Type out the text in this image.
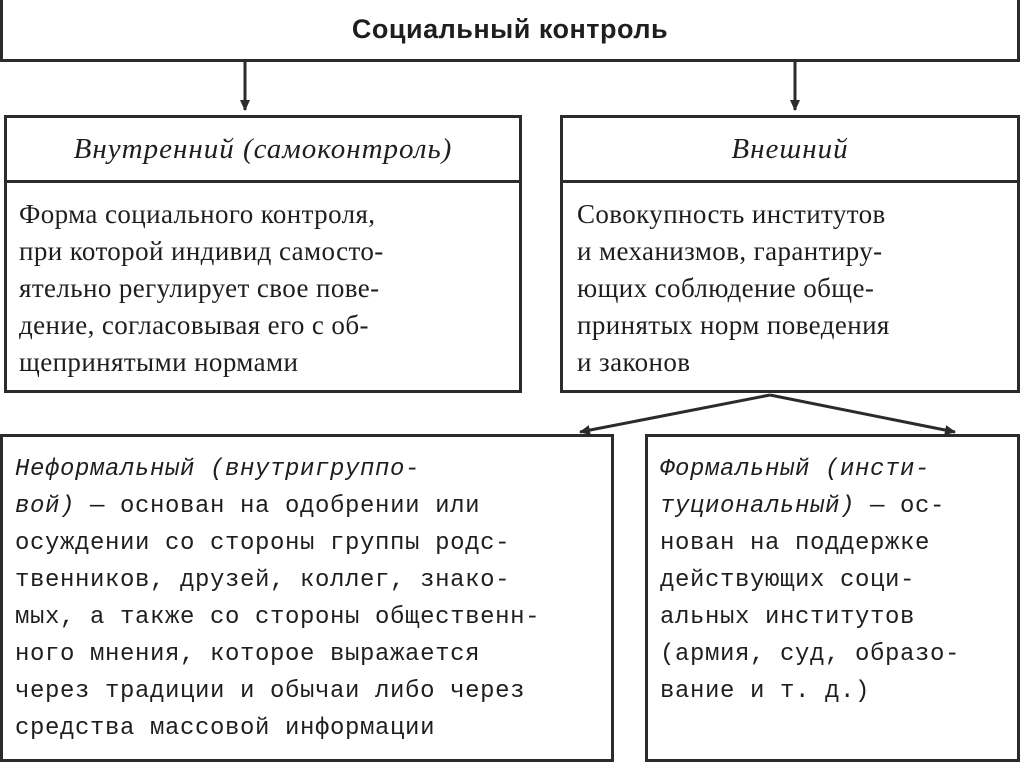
Социальный контроль
Внутренний (самоконтроль)
Форма социального контроля,
при которой индивид самосто-
ятельно регулирует свое пове-
дение, согласовывая его с об-
щепринятыми нормами
Внешний
Совокупность институтов
и механизмов, гарантиру-
ющих соблюдение обще-
принятых норм поведения
и законов
Неформальный (внутригруппо-
вой) — основан на одобрении или
осуждении со стороны группы родс-
твенников, друзей, коллег, знако-
мых, а также со стороны общественн-
ного мнения, которое выражается
через традиции и обычаи либо через
средства массовой информации
Формальный (инсти-
туциональный) — ос-
нован на поддержке
действующих соци-
альных институтов
(армия, суд, образо-
вание и т. д.)
